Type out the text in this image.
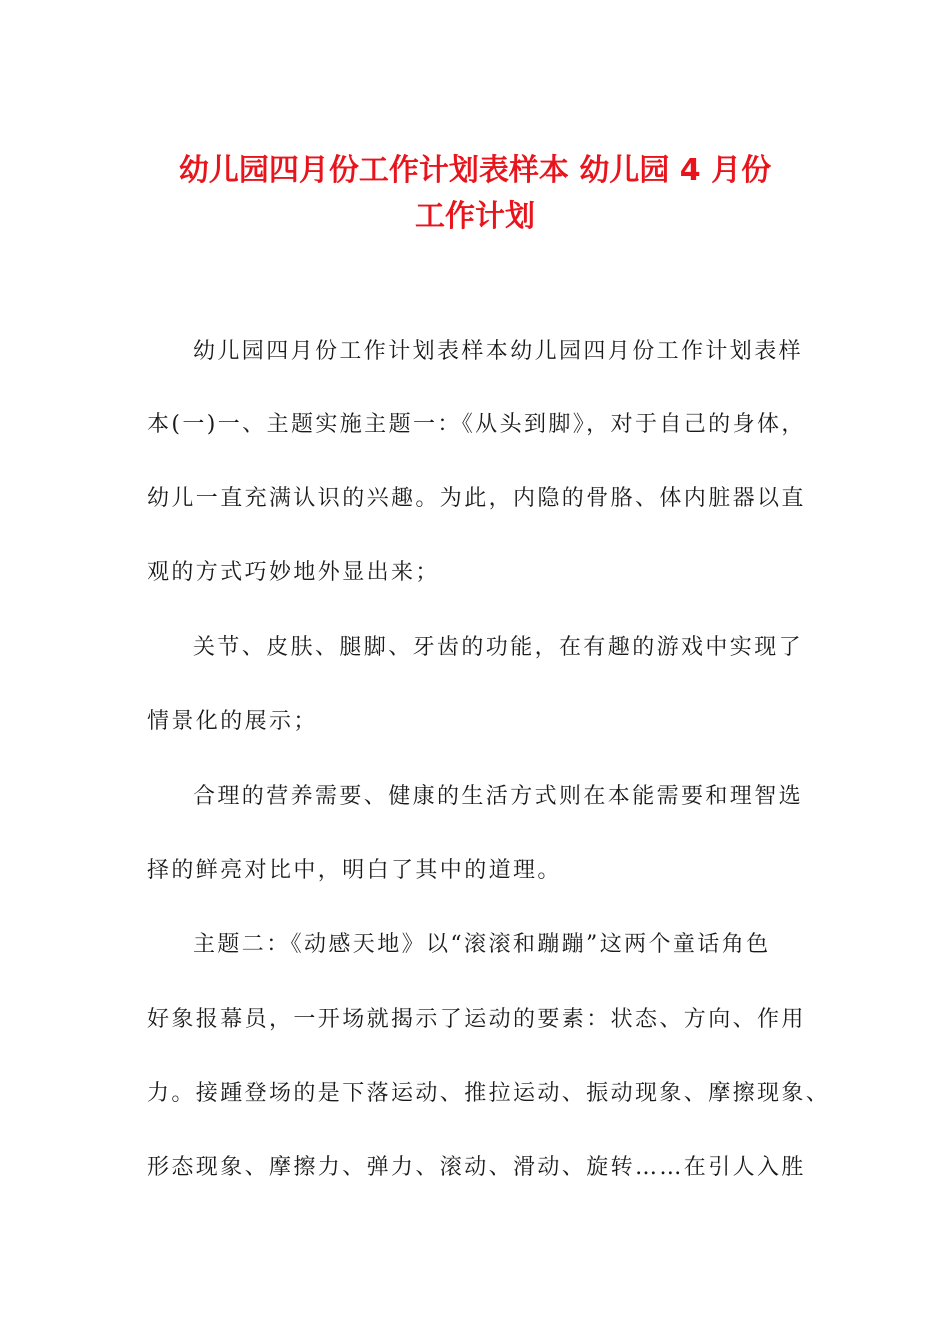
幼儿园四月份工作计划表样本 幼儿园 4 月份
工作计划

幼儿园四月份工作计划表样本幼儿园四月份工作计划表样

本(一)一、主题实施主题一：《从头到脚》，对于自己的身体，

幼儿一直充满认识的兴趣。为此，内隐的骨胳、体内脏器以直

观的方式巧妙地外显出来；

关节、皮肤、腿脚、牙齿的功能，在有趣的游戏中实现了

情景化的展示；

合理的营养需要、健康的生活方式则在本能需要和理智选

择的鲜亮对比中，明白了其中的道理。

主题二：《动感天地》以“滚滚和蹦蹦”这两个童话角色

好象报幕员，一开场就揭示了运动的要素：状态、方向、作用

力。接踵登场的是下落运动、推拉运动、振动现象、摩擦现象、

形态现象、摩擦力、弹力、滚动、滑动、旋转……在引人入胜
